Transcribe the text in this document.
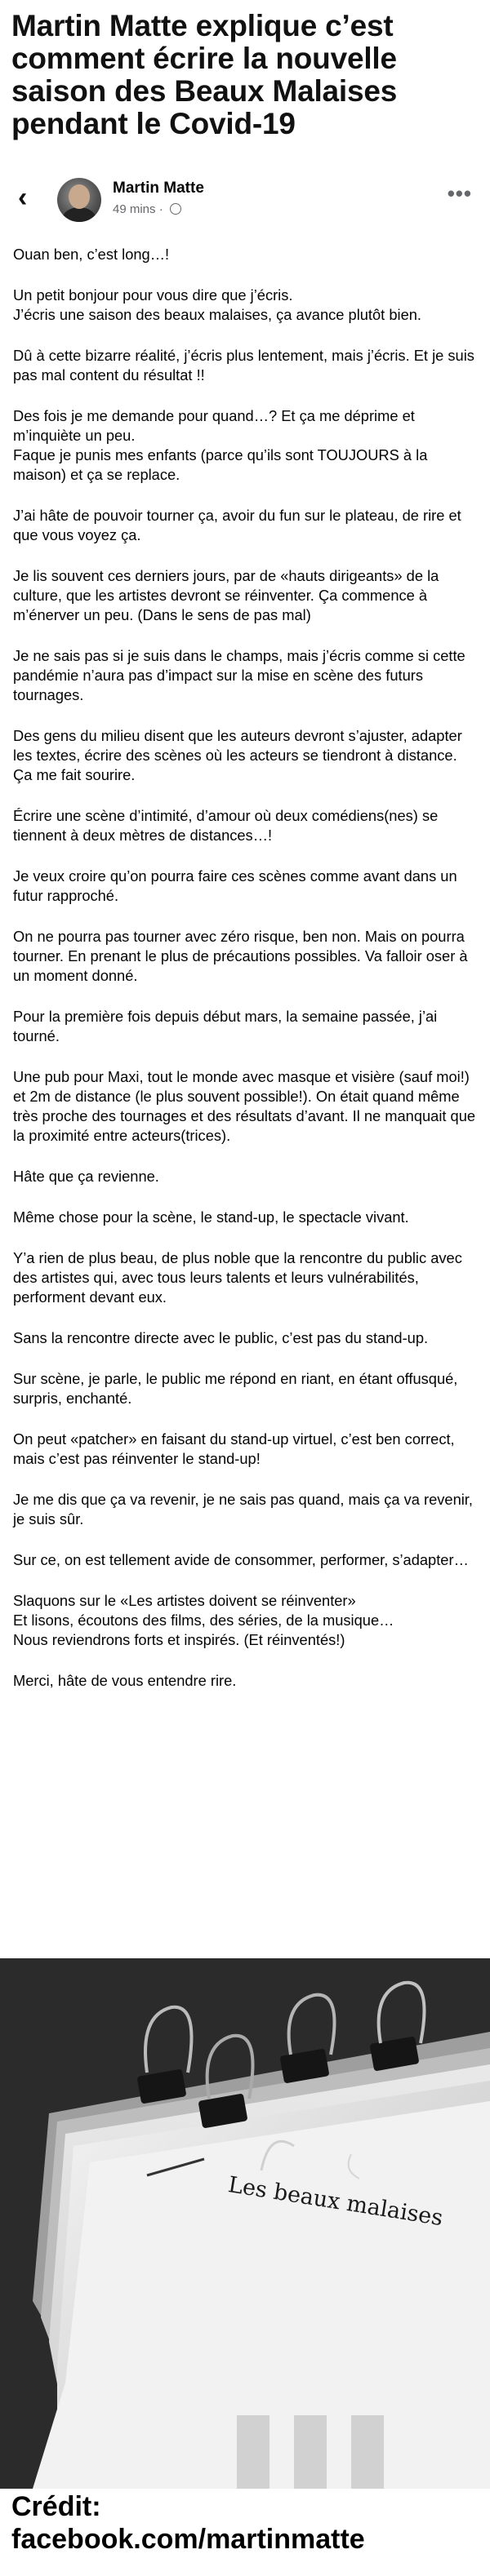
Martin Matte explique c’est
comment écrire la nouvelle
saison des Beaux Malaises
pendant le Covid-19
‹	Martin Matte
49 mins ·
•••

Ouan ben, c’est long…!

Un petit bonjour pour vous dire que j’écris.
J’écris une saison des beaux malaises, ça avance plutôt bien.

Dû à cette bizarre réalité, j’écris plus lentement, mais j’écris. Et je suis pas mal content du résultat !!

Des fois je me demande pour quand…? Et ça me déprime et m’inquiète un peu.
Faque je punis mes enfants (parce qu’ils sont TOUJOURS à la maison) et ça se replace.

J’ai hâte de pouvoir tourner ça, avoir du fun sur le plateau, de rire et que vous voyez ça.

Je lis souvent ces derniers jours, par de «hauts dirigeants» de la culture, que les artistes devront se réinventer. Ça commence à m’énerver un peu. (Dans le sens de pas mal)

Je ne sais pas si je suis dans le champs, mais j’écris comme si cette pandémie n’aura pas d’impact sur la mise en scène des futurs tournages.

Des gens du milieu disent que les auteurs devront s’ajuster, adapter les textes, écrire des scènes où les acteurs se tiendront à distance. Ça me fait sourire.

Écrire une scène d’intimité, d’amour où deux comédiens(nes) se tiennent à deux mètres de distances…!

Je veux croire qu’on pourra faire ces scènes comme avant dans un futur rapproché.

On ne pourra pas tourner avec zéro risque, ben non. Mais on pourra tourner. En prenant le plus de précautions possibles. Va falloir oser à un moment donné.

Pour la première fois depuis début mars, la semaine passée, j’ai tourné.

Une pub pour Maxi, tout le monde avec masque et visière (sauf moi!) et 2m de distance (le plus souvent possible!). On était quand même très proche des tournages et des résultats d’avant. Il ne manquait que la proximité entre acteurs(trices).

Hâte que ça revienne.

Même chose pour la scène, le stand-up, le spectacle vivant.

Y’a rien de plus beau, de plus noble que la rencontre du public avec des artistes qui, avec tous leurs talents et leurs vulnérabilités, performent devant eux.

Sans la rencontre directe avec le public, c’est pas du stand-up.

Sur scène, je parle, le public me répond en riant, en étant offusqué, surpris, enchanté.

On peut «patcher» en faisant du stand-up virtuel, c’est ben correct, mais c’est pas réinventer le stand-up!

Je me dis que ça va revenir, je ne sais pas quand, mais ça va revenir, je suis sûr.

Sur ce, on est tellement avide de consommer, performer, s’adapter…

Slaquons sur le «Les artistes doivent se réinventer»
Et lisons, écoutons des films, des séries, de la musique…
Nous reviendrons forts et inspirés. (Et réinventés!)

Merci, hâte de vous entendre rire.

Les beaux malaises
Crédit:
facebook.com/martinmatte
